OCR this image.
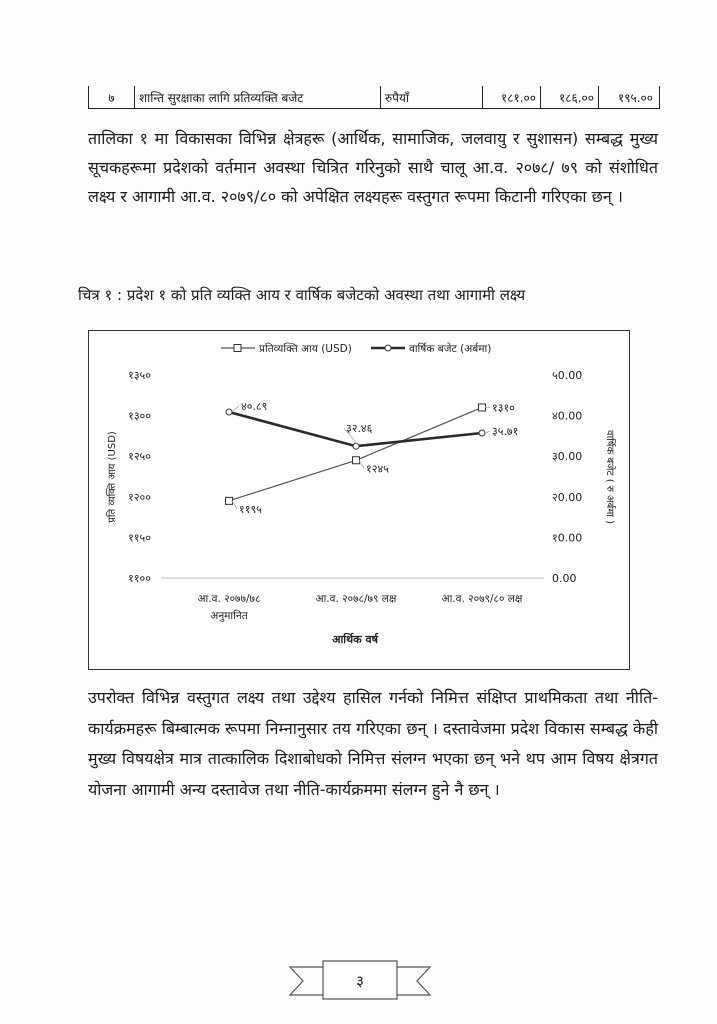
७	शान्ति सुरक्षाका लागि प्रतिव्यक्ति बजेट	रुपैयाँ	१८१.००	१८६.००	१९५.००

तालिका १ मा विकासका विभिन्न क्षेत्रहरू (आर्थिक, सामाजिक, जलवायु र सुशासन) सम्बद्ध मुख्य सूचकहरूमा प्रदेशको वर्तमान अवस्था चित्रित गरिनुको साथै चालू आ.व. २०७८/ ७९ को संशोधित लक्ष्य र आगामी आ.व. २०७९/८० को अपेक्षित लक्ष्यहरू वस्तुगत रूपमा किटानी गरिएका छन् ।

चित्र १ : प्रदेश १ को प्रति व्यक्ति आय र वार्षिक बजेटको अवस्था तथा आगामी लक्ष्य
११००
११५०
१२००
१२५०
१३००
१३५०
0.00
१0.00
२0.00
३0.00
४0.00
५0.00
प्रति व्यक्ति आय (USD)	वार्षिक बजेट ( रु अर्बमा )
आ.व. २०७७/७८
अनुमानित
आ.व. २०७८/७९ लक्ष	आ.व. २०७९/८० लक्ष
आर्थिक वर्ष
प्रतिव्यक्ति आय (USD)	वार्षिक बजेट (अर्बमा)
११९५
१२४५
१३१०
४०.८९
३२.४६	३५.७१

उपरोक्त विभिन्न वस्तुगत लक्ष्य तथा उद्देश्य हासिल गर्नको निमित्त संक्षिप्त प्राथमिकता तथा नीति-कार्यक्रमहरू बिम्बात्मक रूपमा निम्नानुसार तय गरिएका छन् । दस्तावेजमा प्रदेश विकास सम्बद्ध केही मुख्य विषयक्षेत्र मात्र तात्कालिक दिशाबोधको निमित्त संलग्न भएका छन् भने थप आम विषय क्षेत्रगत योजना आगामी अन्य दस्तावेज तथा नीति-कार्यक्रममा संलग्न हुने नै छन् ।

३
